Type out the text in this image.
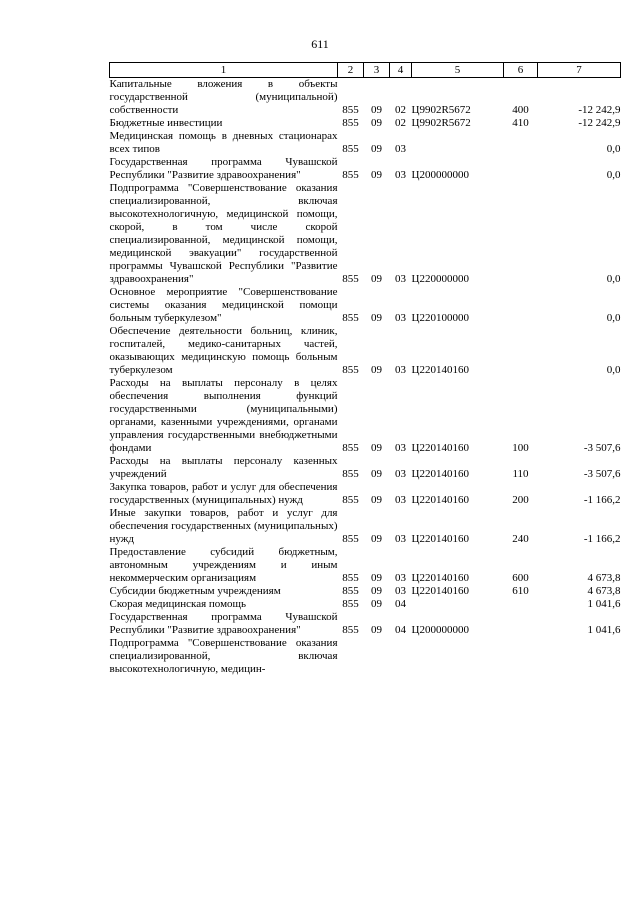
611
1	2	3	4	5	6	7
Капитальные вложения в объекты государственной (муниципальной) собственности	855	09	02	Ц9902R5672	400	-12 242,9
Бюджетные инвестиции	855	09	02	Ц9902R5672	410	-12 242,9
Медицинская помощь в дневных стационарах всех типов	855	09	03			0,0
Государственная программа Чувашской Республики "Развитие здравоохранения"	855	09	03	Ц200000000		0,0
Подпрограмма "Совершенствование оказания специализированной, включая высокотехнологичную, медицинской помощи, скорой, в том числе скорой специализированной, медицинской помощи, медицинской эвакуации" государственной программы Чувашской Республики "Развитие здравоохранения"	855	09	03	Ц220000000		0,0
Основное мероприятие "Совершенствование системы оказания медицинской помощи больным туберкулезом"	855	09	03	Ц220100000		0,0
Обеспечение деятельности больниц, клиник, госпиталей, медико-санитарных частей, оказывающих медицинскую помощь больным туберкулезом	855	09	03	Ц220140160		0,0
Расходы на выплаты персоналу в целях обеспечения выполнения функций государственными (муниципальными) органами, казенными учреждениями, органами управления государственными внебюджетными фондами	855	09	03	Ц220140160	100	-3 507,6
Расходы на выплаты персоналу казенных учреждений	855	09	03	Ц220140160	110	-3 507,6
Закупка товаров, работ и услуг для обеспечения государственных (муниципальных) нужд	855	09	03	Ц220140160	200	-1 166,2
Иные закупки товаров, работ и услуг для обеспечения государственных (муниципальных) нужд	855	09	03	Ц220140160	240	-1 166,2
Предоставление субсидий бюджетным, автономным учреждениям и иным некоммерческим организациям	855	09	03	Ц220140160	600	4 673,8
Субсидии бюджетным учреждениям	855	09	03	Ц220140160	610	4 673,8
Скорая медицинская помощь	855	09	04			1 041,6
Государственная программа Чувашской Республики "Развитие здравоохранения"	855	09	04	Ц200000000		1 041,6
Подпрограмма "Совершенствование оказания специализированной, включая высокотехнологичную, медицин-						
